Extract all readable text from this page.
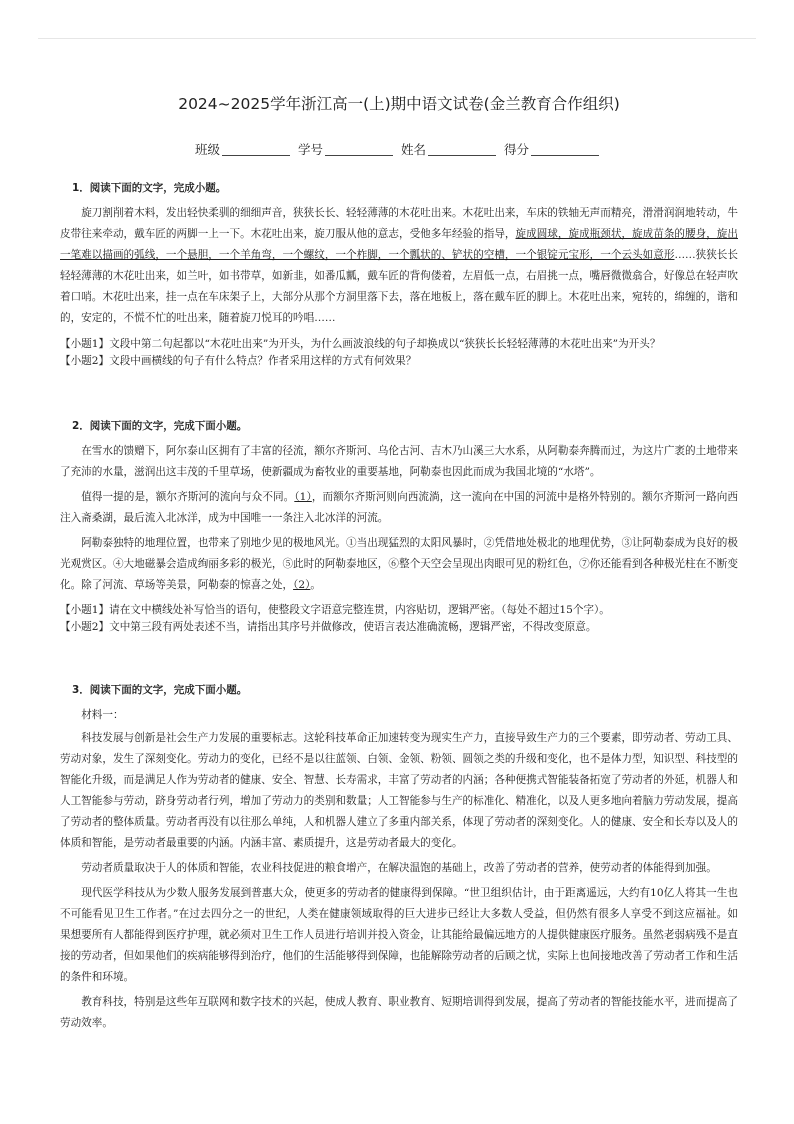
2024~2025学年浙江高一(上)期中语文试卷(金兰教育合作组织)
班级	学号	姓名	得分
1．阅读下面的文字，完成小题。

旋刀割削着木料，发出轻快柔驯的细细声音，狭狭长长、轻轻薄薄的木花吐出来。木花吐出来，车床的铁轴无声而精亮，滑滑润润地转动，牛皮带往来牵动，戴车匠的两脚一上一下。木花吐出来，旋刀服从他的意志，受他多年经验的指导，旋成圆球，旋成瓶颈状，旋成苗条的腰身，旋出一笔难以描画的弧线，一个悬胆，一个羊角弯，一个螺纹，一个柞脚，一个瓢状的、铲状的空槽，一个银锭元宝形，一个云头如意形……狭狭长长轻轻薄薄的木花吐出来，如兰叶，如书带草，如新韭，如番瓜瓤，戴车匠的背佝偻着，左眉低一点，右眉挑一点，嘴唇微微翕合，好像总在轻声吹着口哨。木花吐出来，挂一点在车床架子上，大部分从那个方洞里落下去，落在地板上，落在戴车匠的脚上。木花吐出来，宛转的，绵缠的，谐和的，安定的，不慌不忙的吐出来，随着旋刀悦耳的吟唱……

【小题1】文段中第二句起都以“木花吐出来”为开头，为什么画波浪线的句子却换成以“狭狭长长轻轻薄薄的木花吐出来”为开头？

【小题2】文段中画横线的句子有什么特点？作者采用这样的方式有何效果？

2．阅读下面的文字，完成下面小题。

在雪水的馈赠下，阿尔泰山区拥有了丰富的径流，额尔齐斯河、乌伦古河、吉木乃山溪三大水系，从阿勒泰奔腾而过，为这片广袤的土地带来了充沛的水量，滋润出这丰茂的千里草场，使新疆成为畜牧业的重要基地，阿勒泰也因此而成为我国北境的“水塔”。

值得一提的是，额尔齐斯河的流向与众不同。（1），而额尔齐斯河则向西流淌，这一流向在中国的河流中是格外特别的。额尔齐斯河一路向西注入斋桑湖，最后流入北冰洋，成为中国唯一一条注入北冰洋的河流。

阿勒泰独特的地理位置，也带来了别地少见的极地风光。①当出现猛烈的太阳风暴时，②凭借地处极北的地理优势，③让阿勒泰成为良好的极光观赏区。④大地磁暴会造成绚丽多彩的极光，⑤此时的阿勒泰地区，⑥整个天空会呈现出肉眼可见的粉红色，⑦你还能看到各种极光柱在不断变化。除了河流、草场等美景，阿勒泰的惊喜之处，（2）。

【小题1】请在文中横线处补写恰当的语句，使整段文字语意完整连贯，内容贴切，逻辑严密。（每处不超过15个字）。

【小题2】文中第三段有两处表述不当，请指出其序号并做修改，使语言表达准确流畅，逻辑严密，不得改变原意。

3．阅读下面的文字，完成下面小题。

材料一：

科技发展与创新是社会生产力发展的重要标志。这轮科技革命正加速转变为现实生产力，直接导致生产力的三个要素，即劳动者、劳动工具、劳动对象，发生了深刻变化。劳动力的变化，已经不是以往蓝领、白领、金领、粉领、圆领之类的升级和变化，也不是体力型，知识型、科技型的智能化升级，而是满足人作为劳动者的健康、安全、智慧、长寿需求，丰富了劳动者的内涵；各种便携式智能装备拓宽了劳动者的外延，机器人和人工智能参与劳动，跻身劳动者行列，增加了劳动力的类别和数量；人工智能参与生产的标准化、精准化，以及人更多地向着脑力劳动发展，提高了劳动者的整体质量。劳动者再没有以往那么单纯，人和机器人建立了多重内部关系，体现了劳动者的深刻变化。人的健康、安全和长寿以及人的体质和智能，是劳动者最重要的内涵。内涵丰富、素质提升，这是劳动者最大的变化。

劳动者质量取决于人的体质和智能，农业科技促进的粮食增产，在解决温饱的基础上，改善了劳动者的营养，使劳动者的体能得到加强。

现代医学科技从为少数人服务发展到普惠大众，使更多的劳动者的健康得到保障。“世卫组织估计，由于距离遥远，大约有10亿人将其一生也不可能看见卫生工作者。”在过去四分之一的世纪，人类在健康领域取得的巨大进步已经让大多数人受益，但仍然有很多人享受不到这应福祉。如果想要所有人都能得到医疗护理，就必须对卫生工作人员进行培训并投入资金，让其能给最偏远地方的人提供健康医疗服务。虽然老弱病残不是直接的劳动者，但如果他们的疾病能够得到治疗，他们的生活能够得到保障，也能解除劳动者的后顾之忧，实际上也间接地改善了劳动者工作和生活的条件和环境。

教育科技，特别是这些年互联网和数字技术的兴起，使成人教育、职业教育、短期培训得到发展，提高了劳动者的智能技能水平，进而提高了劳动效率。
